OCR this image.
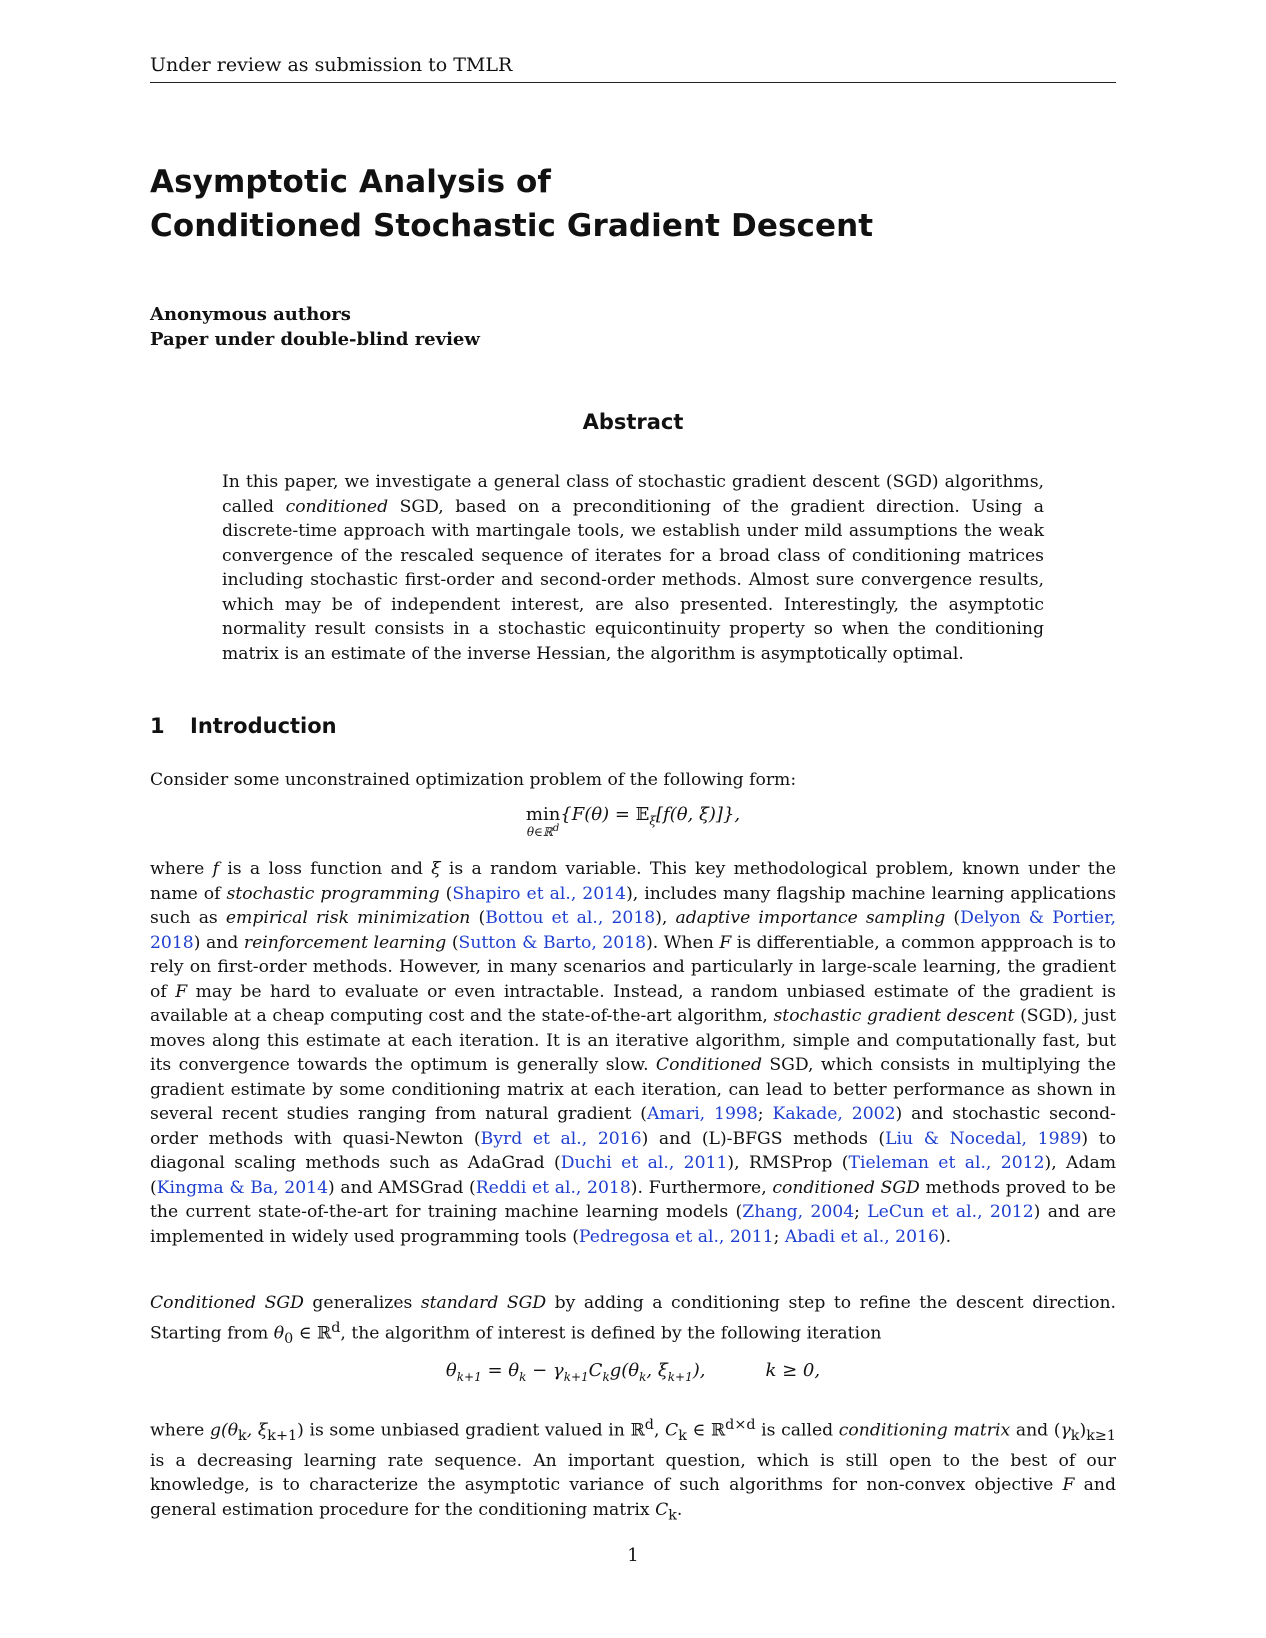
Under review as submission to TMLR
Asymptotic Analysis of
Conditioned Stochastic Gradient Descent
Anonymous authors
Paper under double-blind review
Abstract
In this paper, we investigate a general class of stochastic gradient descent (SGD) algorithms, called conditioned SGD, based on a preconditioning of the gradient direction. Using a discrete-time approach with martingale tools, we establish under mild assumptions the weak convergence of the rescaled sequence of iterates for a broad class of conditioning matrices including stochastic first-order and second-order methods. Almost sure convergence results, which may be of independent interest, are also presented. Interestingly, the asymptotic normality result consists in a stochastic equicontinuity property so when the conditioning matrix is an estimate of the inverse Hessian, the algorithm is asymptotically optimal.
1 Introduction
Consider some unconstrained optimization problem of the following form:
min
θ∈ℝ$^d$
{F(θ) = 𝔼$_\xi$[f(θ, ξ)]},
where f is a loss function and ξ is a random variable. This key methodological problem, known under the name of stochastic programming (Shapiro et al., 2014), includes many flagship machine learning applications such as empirical risk minimization (Bottou et al., 2018), adaptive importance sampling (Delyon & Portier, 2018) and reinforcement learning (Sutton & Barto, 2018). When F is differentiable, a common appproach is to rely on first-order methods. However, in many scenarios and particularly in large-scale learning, the gradient of F may be hard to evaluate or even intractable. Instead, a random unbiased estimate of the gradient is available at a cheap computing cost and the state-of-the-art algorithm, stochastic gradient descent (SGD), just moves along this estimate at each iteration. It is an iterative algorithm, simple and computationally fast, but its convergence towards the optimum is generally slow. Conditioned SGD, which consists in multiplying the gradient estimate by some conditioning matrix at each iteration, can lead to better performance as shown in several recent studies ranging from natural gradient (Amari, 1998; Kakade, 2002) and stochastic second-order methods with quasi-Newton (Byrd et al., 2016) and (L)-BFGS methods (Liu & Nocedal, 1989) to diagonal scaling methods such as AdaGrad (Duchi et al., 2011), RMSProp (Tieleman et al., 2012), Adam (Kingma & Ba, 2014) and AMSGrad (Reddi et al., 2018). Furthermore, conditioned SGD methods proved to be the current state-of-the-art for training machine learning models (Zhang, 2004; LeCun et al., 2012) and are implemented in widely used programming tools (Pedregosa et al., 2011; Abadi et al., 2016).
Conditioned SGD generalizes standard SGD by adding a conditioning step to refine the descent direction. Starting from $\theta_0$ ∈ ℝ$^d$, the algorithm of interest is defined by the following iteration
$\theta_{k+1} = \theta_k - \gamma_{k+1}C_kg(\theta_k$, $\xi_{k+1}$),	k ≥ 0,
where $g(\theta_k$, $\xi_{k+1}$) is some unbiased gradient valued in ℝ$^d$, $C_k$ ∈ ℝ$^{d\times d}$ is called conditioning matrix and $(\gamma_k)_{k\ge 1}$ is a decreasing learning rate sequence. An important question, which is still open to the best of our knowledge, is to characterize the asymptotic variance of such algorithms for non-convex objective F and general estimation procedure for the conditioning matrix $C_k$.
1
